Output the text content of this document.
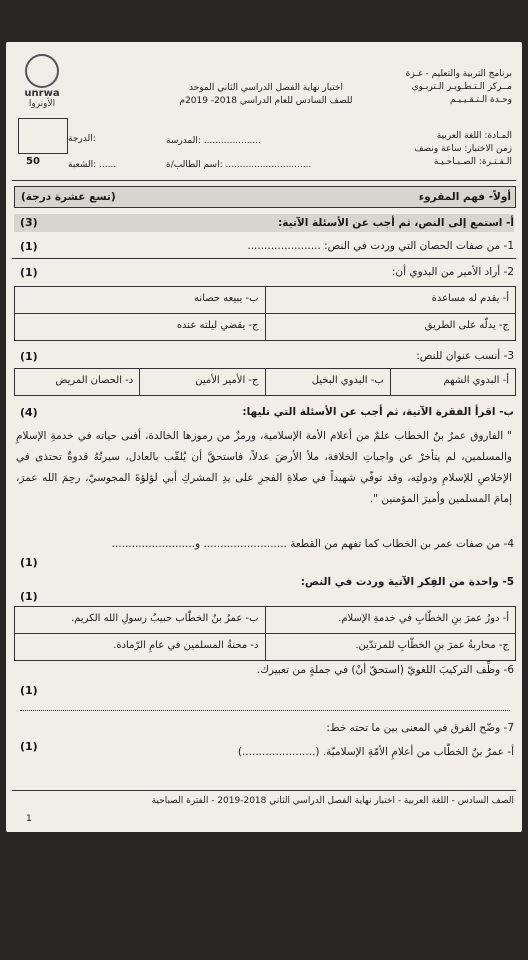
unrwa
الأونروا
الدرجة:
50	الشعبة: ......
برنامج التربية والتعليم - غـزة
مــركز الـتـطـويـر الـتربـوي
وحـدة الـتـقـيـيـم
اختبار نهاية الفصل الدراسي الثاني الموحد
للصف السادس للعام الدراسي 2018- 2019م
المدرسة: ....................
اسم الطالب/ة: ..............................
المـادة: اللغة العربية
زمن الاختبار: ساعة ونصف
الـفـتـرة: الصـبـاحـيـة
أولاً- فهم المقروء
(تسع عشرة درجة)
أ- استمع إلى النص، ثم أجب عن الأسئلة الآتية:
(3)
1- من صفات الحصان التي وردت في النص: ......................
(1)
2- أراد الأمير من البدوي أن:
(1)
أ- يقدم له مساعدة
ب- يبيعه حصانه
ج- يدلّه على الطريق
ج- يقضي ليلته عنده
3- أنسب عنوان للنص:
(1)
أ- البدوي الشهم
ب- البدوي البخيل
ج- الأمير الأمين
د- الحصان المريض
ب- اقرأ الفقرة الآتية، ثم أجب عن الأسئلة التي تليها:
(4)
" الفاروق عمرُ بنُ الخطاب علمٌ من أعلام الأمة الإسلامية، ورمزٌ من رموزها الخالدة، أفنى حياته في خدمةِ الإسلامِ والمسلمين، لم يتأخرْ عن واجباتِ الخلافة، ملأ الأرضَ عدلاً، فاستحقَّ أن يُلقّب بالعادل، سيرتُهُ قدوةٌ تحتذى في الإخلاصِ للإسلامِ ودولتِه، وقد توفّي شهيداً في صلاةِ الفجرِ على يدِ المشركِ أبي لؤلؤةَ المجوسيّ، رحِمَ الله عمرَ، إمامَ المسلمين وأميرَ المؤمنين ".
4- من صفات عمر بن الخطاب كما تفهم من القطعة ......................... و.........................
(1)
5- واحدة من الفِكر الآتية وردت في النص:
(1)
أ- دورُ عمرَ بنِ الخطّابِ في خدمةِ الإسلام.
ب- عمرُ بنُ الخطّاب حبيبُ رسولِ الله الكريم.
ج- محاربةُ عمرَ بنِ الخطّابِ للمرتدّين.
د- محنةُ المسلمين في عامِ الرّمادة.
6- وظِّف التركيبَ اللغويّ (استحقّ أنْ) في جملةٍ من تعبيرك.
(1)
7- وضّح الفرق في المعنى بين ما تحته خط:
أ- عمرُ بنُ الخطّاب من أعلامِ الأمّةِ الإسلاميّة. (......................)
(1)
الصف السادس - اللغة العربية - اختبار نهاية الفصل الدراسي الثاني 2018-2019 - الفترة الصباحية
1
